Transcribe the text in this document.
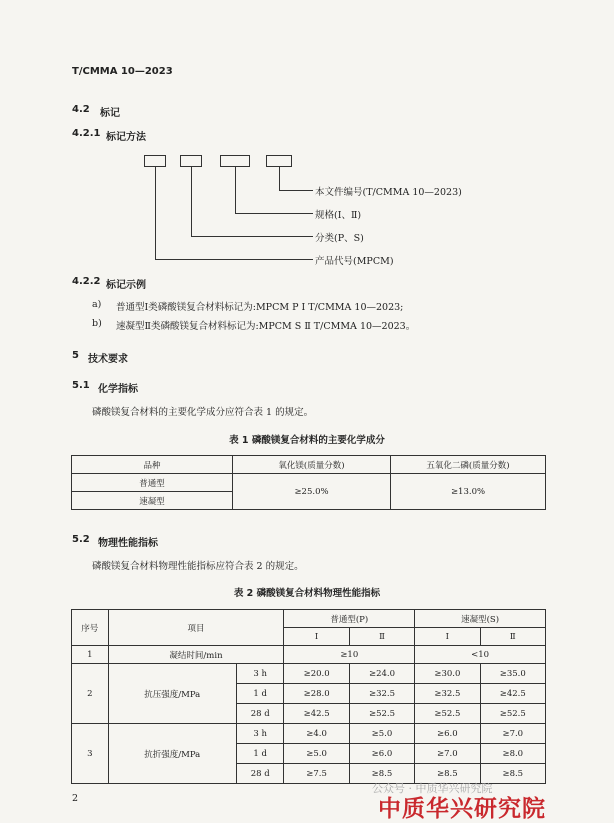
T/CMMA 10—2023
4.2 标记
4.2.1 标记方法
本文件编号(T/CMMA 10—2023)
规格(Ⅰ、Ⅱ)
分类(P、S)
产品代号(MPCM)
4.2.2 标记示例
a) 普通型Ⅰ类磷酸镁复合材料标记为:MPCM P Ⅰ T/CMMA 10—2023;
b) 速凝型Ⅱ类磷酸镁复合材料标记为:MPCM S Ⅱ T/CMMA 10—2023。
5 技术要求
5.1 化学指标
磷酸镁复合材料的主要化学成分应符合表 1 的规定。
表 1 磷酸镁复合材料的主要化学成分
品种	氧化镁(质量分数)	五氧化二磷(质量分数)
普通型	≥25.0%	≥13.0%
速凝型		
5.2 物理性能指标
磷酸镁复合材料物理性能指标应符合表 2 的规定。
表 2 磷酸镁复合材料物理性能指标
序号	项目		普通型(P)		速凝型(S)	
			Ⅰ	Ⅱ	Ⅰ	Ⅱ
1	凝结时间/min		≥10		<10	
2	抗压强度/MPa	3 h	≥20.0	≥24.0	≥30.0	≥35.0
		1 d	≥28.0	≥32.5	≥32.5	≥42.5
		28 d	≥42.5	≥52.5	≥52.5	≥52.5
3	抗折强度/MPa	3 h	≥4.0	≥5.0	≥6.0	≥7.0
		1 d	≥5.0	≥6.0	≥7.0	≥8.0
		28 d	≥7.5	≥8.5	≥8.5	≥8.5
2
公众号 · 中质华兴研究院
中质华兴研究院
